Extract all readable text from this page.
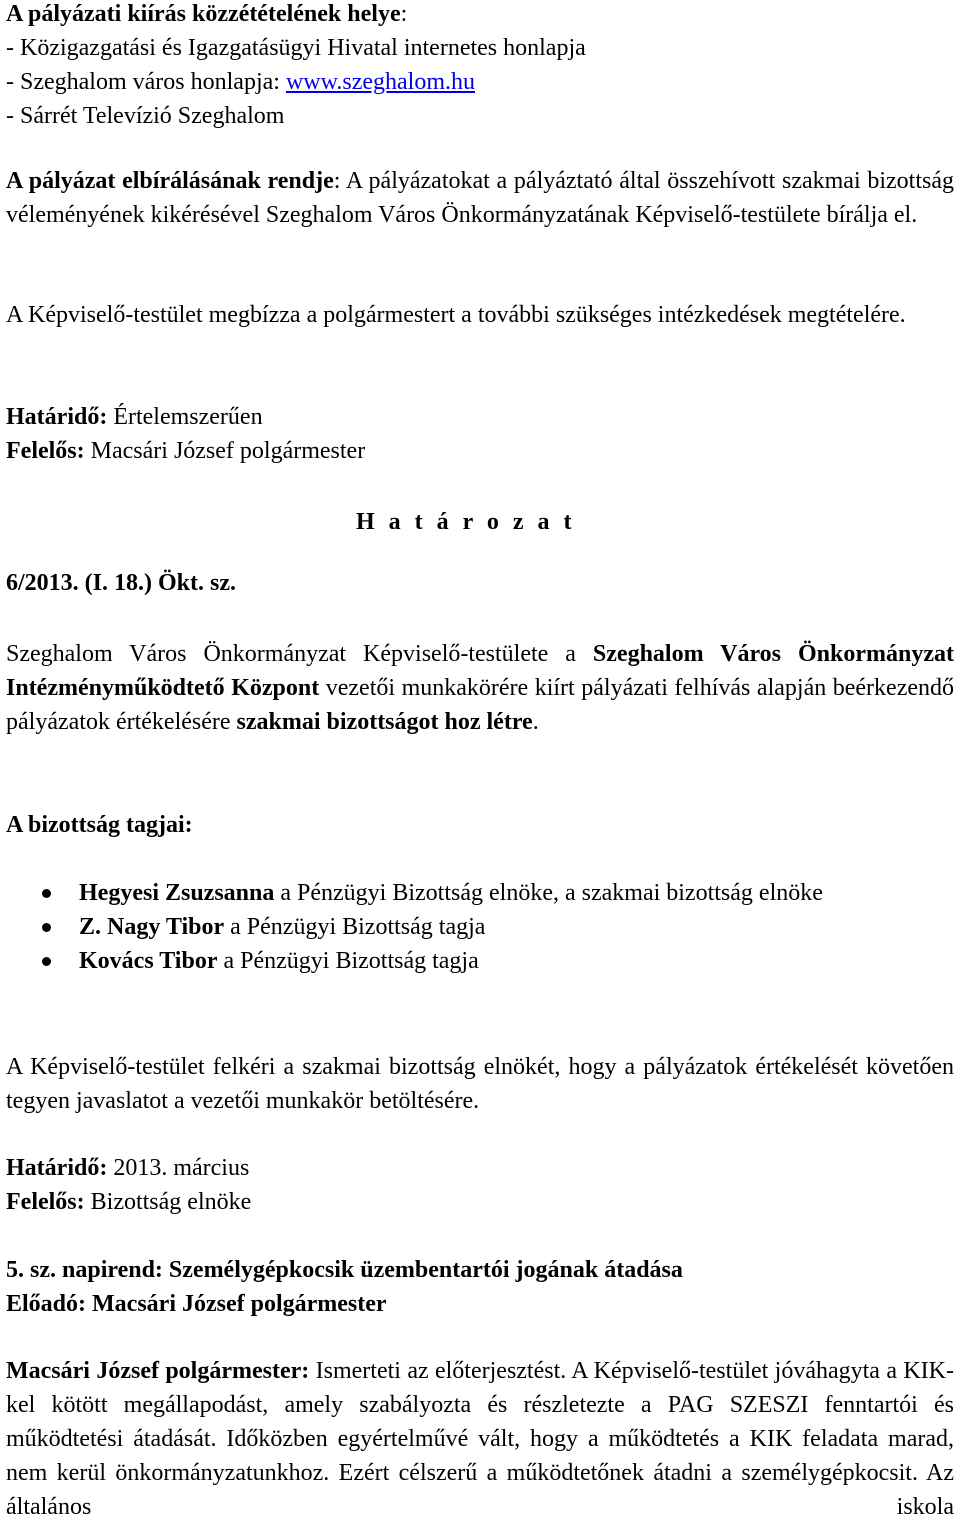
A pályázati kiírás közzétételének helye:
- Közigazgatási és Igazgatásügyi Hivatal internetes honlapja
- Szeghalom város honlapja: www.szeghalom.hu
- Sárrét Televízió Szeghalom

A pályázat elbírálásának rendje: A pályázatokat a pályáztató által összehívott szakmai bizottság véleményének kikérésével Szeghalom Város Önkormányzatának Képviselő-testülete bírálja el.

A Képviselő-testület megbízza a polgármestert a további szükséges intézkedések megtételére.

Határidő: Értelemszerűen
Felelős: Macsári József polgármester
H a t á r o z a t
6/2013. (I. 18.) Ökt. sz.

Szeghalom Város Önkormányzat Képviselő-testülete a Szeghalom Város Önkormányzat Intézményműködtető Központ vezetői munkakörére kiírt pályázati felhívás alapján beérkezendő pályázatok értékelésére szakmai bizottságot hoz létre.

A bizottság tagjai:
Hegyesi Zsuzsanna a Pénzügyi Bizottság elnöke, a szakmai bizottság elnöke
Z. Nagy Tibor a Pénzügyi Bizottság tagja
Kovács Tibor a Pénzügyi Bizottság tagja

A Képviselő-testület felkéri a szakmai bizottság elnökét, hogy a pályázatok értékelését követően tegyen javaslatot a vezetői munkakör betöltésére.

Határidő: 2013. március
Felelős: Bizottság elnöke
5. sz. napirend: Személygépkocsik üzembentartói jogának átadása
Előadó: Macsári József polgármester

Macsári József polgármester: Ismerteti az előterjesztést. A Képviselő-testület jóváhagyta a KIK-kel kötött megállapodást, amely szabályozta és részletezte a PAG SZESZI fenntartói és működtetési átadását. Időközben egyértelművé vált, hogy a működtetés a KIK feladata marad, nem kerül önkormányzatunkhoz. Ezért célszerű a működtetőnek átadni a személygépkocsit. Az általános iskola
